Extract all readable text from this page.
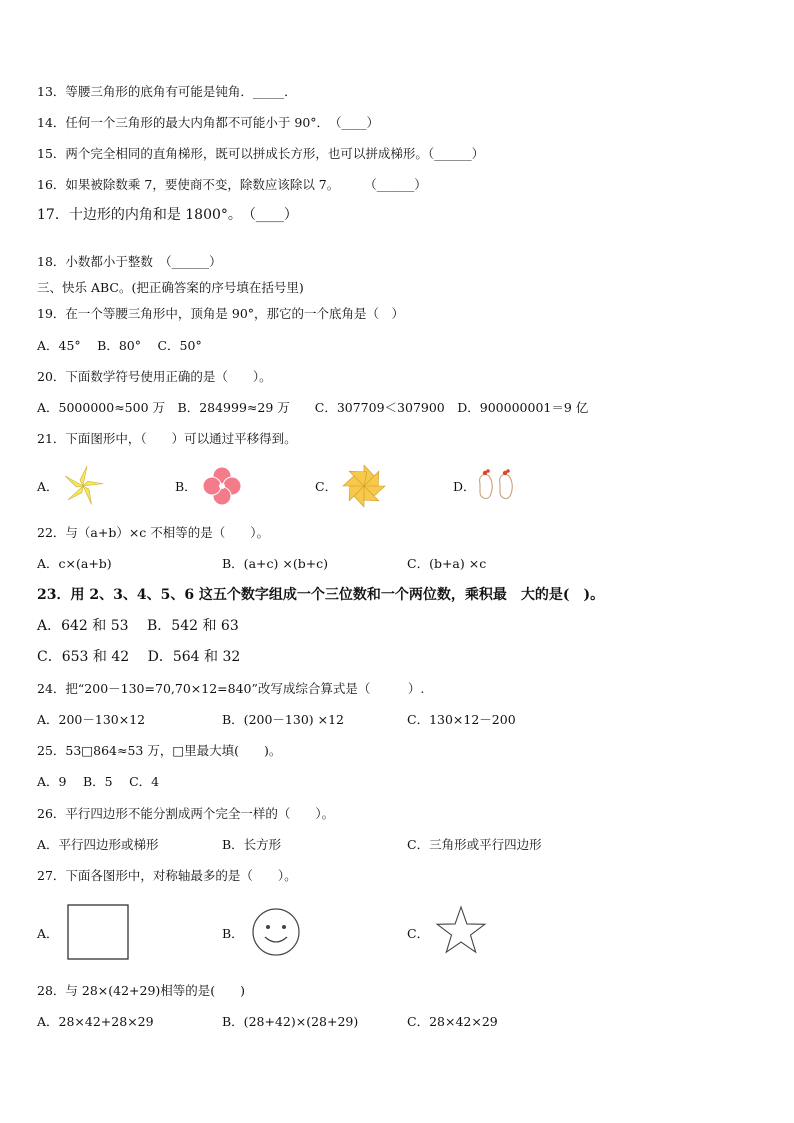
13．等腰三角形的底角有可能是钝角．_____．
14．任何一个三角形的最大内角都不可能小于 90°．　（____）
15．两个完全相同的直角梯形，既可以拼成长方形，也可以拼成梯形。（______）
16．如果被除数乘 7，要使商不变，除数应该除以 7。　　　（______）
17．十边形的内角和是 1800°。　（____）
18．小数都小于整数　（______）
三、快乐 ABC。(把正确答案的序号填在括号里)
19．在一个等腰三角形中，顶角是 90°，那它的一个底角是（　）
A．45°　 B．80°　 C．50°
20．下面数学符号使用正确的是（　　）。
A．5000000≈500 万　B．284999≈29 万　　C．307709＜307900　D．900000001＝9 亿
21．下面图形中，（　　）可以通过平移得到。
A．	B．	C．	D．
22．与（a+b）×c 不相等的是（　　）。
A．c×(a+b)	B．(a+c) ×(b+c)	C．(b+a) ×c
23．用 2、3、4、5、6 这五个数字组成一个三位数和一个两位数，乘积最　大的是(　)。
A．642 和 53　 B．542 和 63
C．653 和 42　 D．564 和 32
24．把“200－130=70,70×12=840”改写成综合算式是（　　　）.
A．200－130×12	B．(200－130) ×12	C．130×12－200
25．53□864≈53 万，□里最大填(　　)。
A．9　 B．5　 C．4
26．平行四边形不能分割成两个完全一样的（　　）。
A．平行四边形或梯形	B．长方形	C．三角形或平行四边形
27．下面各图形中，对称轴最多的是（　　）。
A．	B．	C．
28．与 28×(42+29)相等的是(　　)
A．28×42+28×29	B．(28+42)×(28+29)	C．28×42×29
